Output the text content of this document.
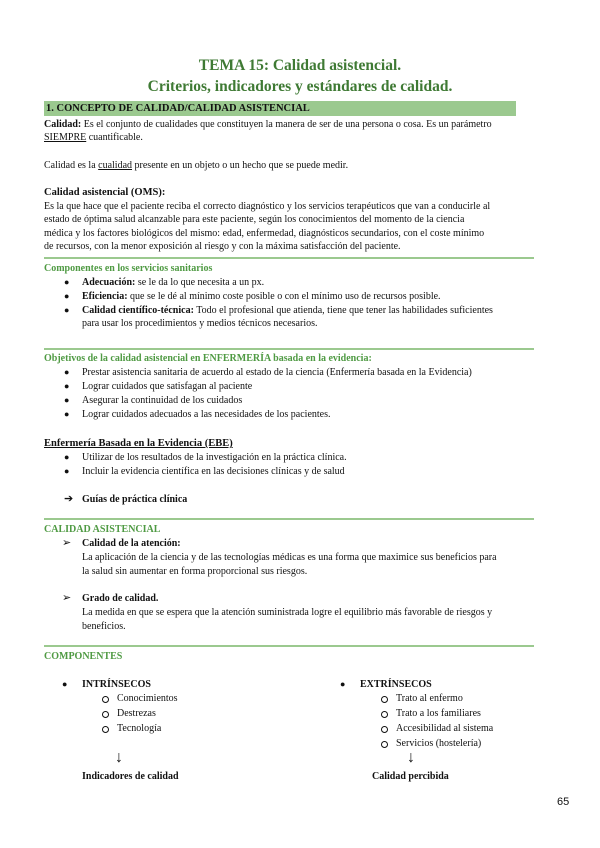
TEMA 15: Calidad asistencial.
Criterios, indicadores y estándares de calidad.
1. CONCEPTO DE CALIDAD/CALIDAD ASISTENCIAL
Calidad: Es el conjunto de cualidades que constituyen la manera de ser de una persona o cosa. Es un parámetro
SIEMPRE cuantificable.
Calidad es la cualidad presente en un objeto o un hecho que se puede medir.
Calidad asistencial (OMS):
Es la que hace que el paciente reciba el correcto diagnóstico y los servicios terapéuticos que van a conducirle al
estado de óptima salud alcanzable para este paciente, según los conocimientos del momento de la ciencia
médica y los factores biológicos del mismo: edad, enfermedad, diagnósticos secundarios, con el coste mínimo
de recursos, con la menor exposición al riesgo y con la máxima satisfacción del paciente.
Componentes en los servicios sanitarios
● Adecuación: se le da lo que necesita a un px.
● Eficiencia: que se le dé al mínimo coste posible o con el mínimo uso de recursos posible.
● Calidad científico-técnica: Todo el profesional que atienda, tiene que tener las habilidades suficientes
para usar los procedimientos y medios técnicos necesarios.
Objetivos de la calidad asistencial en ENFERMERÍA basada en la evidencia:
● Prestar asistencia sanitaria de acuerdo al estado de la ciencia (Enfermería basada en la Evidencia)
● Lograr cuidados que satisfagan al paciente
● Asegurar la continuidad de los cuidados
● Lograr cuidados adecuados a las necesidades de los pacientes.
Enfermería Basada en la Evidencia (EBE)
● Utilizar de los resultados de la investigación en la práctica clínica.
● Incluir la evidencia científica en las decisiones clínicas y de salud
➔ Guías de práctica clínica
CALIDAD ASISTENCIAL
➢ Calidad de la atención:
La aplicación de la ciencia y de las tecnologías médicas es una forma que maximice sus beneficios para
la salud sin aumentar en forma proporcional sus riesgos.
➢ Grado de calidad.
La medida en que se espera que la atención suministrada logre el equilibrio más favorable de riesgos y
beneficios.
COMPONENTES
● INTRÍNSECOS
Conocimientos
Destrezas
Tecnología
↓
Indicadores de calidad
● EXTRÍNSECOS
Trato al enfermo
Trato a los familiares
Accesibilidad al sistema
Servicios (hostelería)
↓
Calidad percibida
65
